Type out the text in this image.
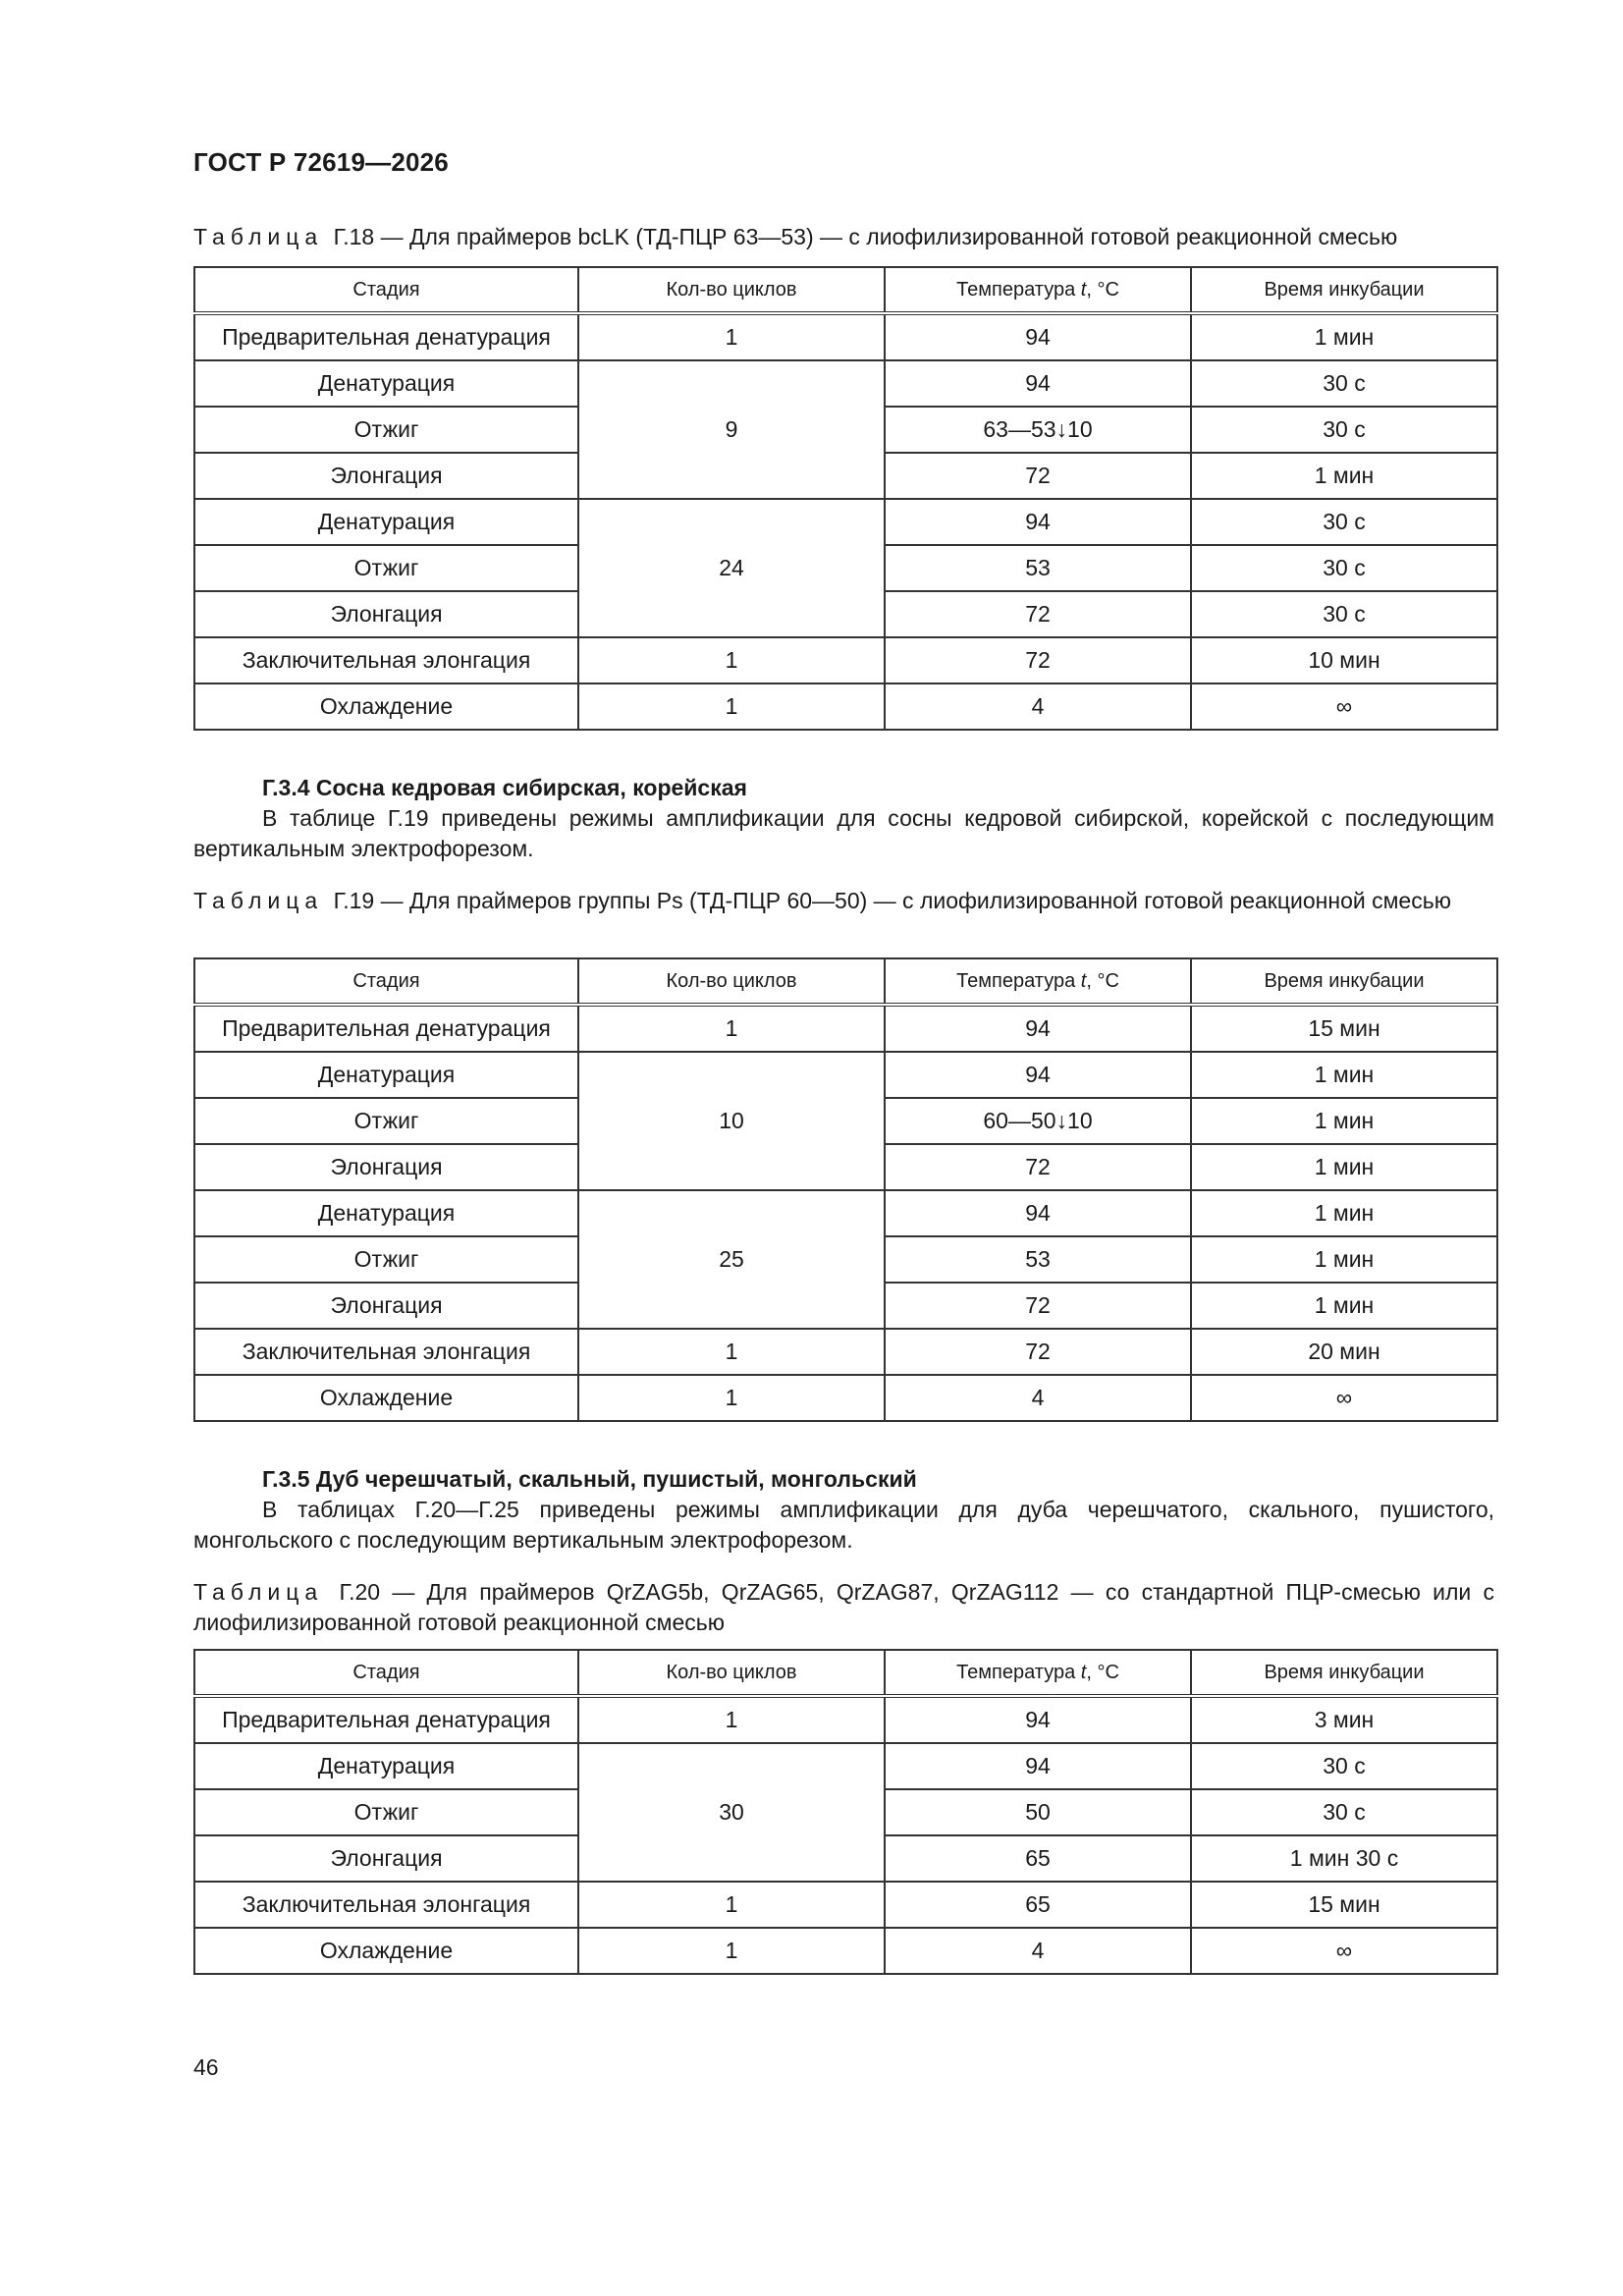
ГОСТ Р 72619—2026
Таблица Г.18 — Для праймеров bcLK (ТД-ПЦР 63—53) — с лиофилизированной готовой реакционной смесью
Стадия	Кол-во циклов	Температура t, °C	Время инкубации
Предварительная денатурация	1	94	1 мин
Денатурация	9	94	30 с
Отжиг		63—53↓10	30 с
Элонгация		72	1 мин
Денатурация	24	94	30 с
Отжиг		53	30 с
Элонгация		72	30 с
Заключительная элонгация	1	72	10 мин
Охлаждение	1	4	∞
Г.3.4 Сосна кедровая сибирская, корейская
В таблице Г.19 приведены режимы амплификации для сосны кедровой сибирской, корейской с последующим вертикальным электрофорезом.
Таблица Г.19 — Для праймеров группы Ps (ТД-ПЦР 60—50) — с лиофилизированной готовой реакционной смесью
Стадия	Кол-во циклов	Температура t, °C	Время инкубации
Предварительная денатурация	1	94	15 мин
Денатурация	10	94	1 мин
Отжиг		60—50↓10	1 мин
Элонгация		72	1 мин
Денатурация	25	94	1 мин
Отжиг		53	1 мин
Элонгация		72	1 мин
Заключительная элонгация	1	72	20 мин
Охлаждение	1	4	∞
Г.3.5 Дуб черешчатый, скальный, пушистый, монгольский
В таблицах Г.20—Г.25 приведены режимы амплификации для дуба черешчатого, скального, пушистого, монгольского с последующим вертикальным электрофорезом.
Таблица Г.20 — Для праймеров QrZAG5b, QrZAG65, QrZAG87, QrZAG112 — со стандартной ПЦР-смесью или с лиофилизированной готовой реакционной смесью
Стадия	Кол-во циклов	Температура t, °C	Время инкубации
Предварительная денатурация	1	94	3 мин
Денатурация	30	94	30 с
Отжиг		50	30 с
Элонгация		65	1 мин 30 с
Заключительная элонгация	1	65	15 мин
Охлаждение	1	4	∞
46
